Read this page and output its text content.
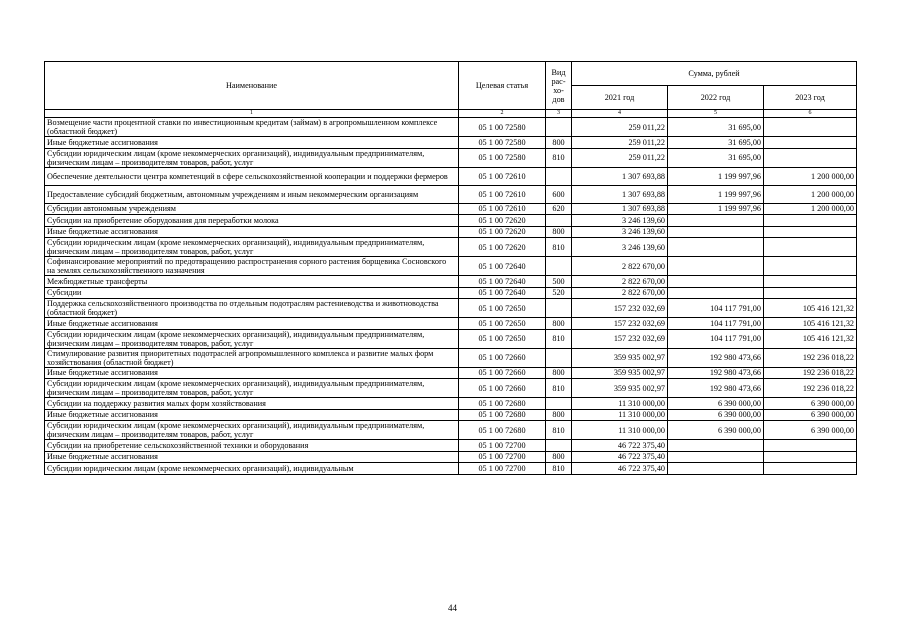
Наименование	Целевая статья	Вид рас-хо-дов	Сумма, рублей		
			2021 год	2022 год	2023 год
1	2	3	4	5	6
Возмещение части процентной ставки по инвестиционным кредитам (займам) в агропромышленном комплексе (областной бюджет)	05 1 00 72580		259 011,22	31 695,00	
Иные бюджетные ассигнования	05 1 00 72580	800	259 011,22	31 695,00	
Субсидии юридическим лицам (кроме некоммерческих организаций), индивидуальным предпринимателям, физическим лицам – производителям товаров, работ, услуг	05 1 00 72580	810	259 011,22	31 695,00	
Обеспечение деятельности центра компетенций в сфере сельскохозяйственной кооперации и поддержки фермеров	05 1 00 72610		1 307 693,88	1 199 997,96	1 200 000,00
Предоставление субсидий бюджетным, автономным учреждениям и иным некоммерческим организациям	05 1 00 72610	600	1 307 693,88	1 199 997,96	1 200 000,00
Субсидии автономным учреждениям	05 1 00 72610	620	1 307 693,88	1 199 997,96	1 200 000,00
Субсидии на приобретение оборудования для переработки молока	05 1 00 72620		3 246 139,60		
Иные бюджетные ассигнования	05 1 00 72620	800	3 246 139,60		
Субсидии юридическим лицам (кроме некоммерческих организаций), индивидуальным предпринимателям, физическим лицам – производителям товаров, работ, услуг	05 1 00 72620	810	3 246 139,60		
Софинансирование мероприятий по предотвращению распространения сорного растения борщевика Сосновского на землях сельскохозяйственного назначения	05 1 00 72640		2 822 670,00		
Межбюджетные трансферты	05 1 00 72640	500	2 822 670,00		
Субсидии	05 1 00 72640	520	2 822 670,00		
Поддержка сельскохозяйственного производства по отдельным подотраслям растениеводства и животноводства (областной бюджет)	05 1 00 72650		157 232 032,69	104 117 791,00	105 416 121,32
Иные бюджетные ассигнования	05 1 00 72650	800	157 232 032,69	104 117 791,00	105 416 121,32
Субсидии юридическим лицам (кроме некоммерческих организаций), индивидуальным предпринимателям, физическим лицам – производителям товаров, работ, услуг	05 1 00 72650	810	157 232 032,69	104 117 791,00	105 416 121,32
Стимулирование развития приоритетных подотраслей агропромышленного комплекса и развитие малых форм хозяйствования (областной бюджет)	05 1 00 72660		359 935 002,97	192 980 473,66	192 236 018,22
Иные бюджетные ассигнования	05 1 00 72660	800	359 935 002,97	192 980 473,66	192 236 018,22
Субсидии юридическим лицам (кроме некоммерческих организаций), индивидуальным предпринимателям, физическим лицам – производителям товаров, работ, услуг	05 1 00 72660	810	359 935 002,97	192 980 473,66	192 236 018,22
Субсидии на поддержку развития малых форм хозяйствования	05 1 00 72680		11 310 000,00	6 390 000,00	6 390 000,00
Иные бюджетные ассигнования	05 1 00 72680	800	11 310 000,00	6 390 000,00	6 390 000,00
Субсидии юридическим лицам (кроме некоммерческих организаций), индивидуальным предпринимателям, физическим лицам – производителям товаров, работ, услуг	05 1 00 72680	810	11 310 000,00	6 390 000,00	6 390 000,00
Субсидии на приобретение сельскохозяйственной техники и оборудования	05 1 00 72700		46 722 375,40		
Иные бюджетные ассигнования	05 1 00 72700	800	46 722 375,40		
Субсидии юридическим лицам (кроме некоммерческих организаций), индивидуальным	05 1 00 72700	810	46 722 375,40		
44
